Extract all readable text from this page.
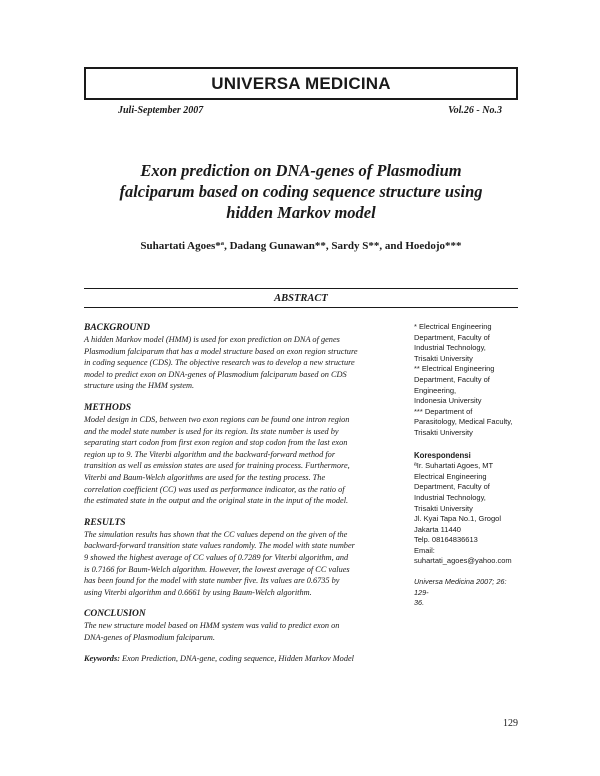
UNIVERSA MEDICINA
Juli-September 2007	Vol.26 - No.3
Exon prediction on DNA-genes of Plasmodium
falciparum based on coding sequence structure using
hidden Markov model
Suhartati Agoes*ª, Dadang Gunawan**, Sardy S**, and Hoedojo***
ABSTRACT
BACKGROUND
A hidden Markov model (HMM) is used for exon prediction on DNA of genes
Plasmodium falciparum that has a model structure based on exon region structure
in coding sequence (CDS). The objective research was to develop a new structure
model to predict exon on DNA-genes of Plasmodium falciparum based on CDS
structure using the HMM system.
METHODS
Model design in CDS, between two exon regions can be found one intron region
and the model state number is used for its region. Its state number is used by
separating start codon from first exon region and stop codon from the last exon
region up to 9. The Viterbi algorithm and the backward-forward method for
transition as well as emission states are used for training process. Furthermore,
Viterbi and Baum-Welch algorithms are used for the testing process. The
correlation coefficient (CC) was used as performance indicator, as the ratio of
the estimated state in the output and the original state in the input of the model.
RESULTS
The simulation results has shown that the CC values depend on the given of the
backward-forward transition state values randomly. The model with state number
9 showed the highest average of CC values of 0.7289 for Viterbi algorithm, and
is 0.7166 for Baum-Welch algorithm. However, the lowest average of CC values
has been found for the model with state number five. Its values are 0.6735 by
using Viterbi algorithm and 0.6661 by using Baum-Welch algorithm.
CONCLUSION
The new structure model based on HMM system was valid to predict exon on
DNA-genes of Plasmodium falciparum.
Keywords: Exon Prediction, DNA-gene, coding sequence, Hidden Markov Model
* Electrical Engineering
Department, Faculty of
Industrial Technology,
Trisakti University
** Electrical Engineering
Department, Faculty of
Engineering,
Indonesia University
*** Department of
Parasitology, Medical Faculty,
Trisakti University
Korespondensi
ªIr. Suhartati Agoes, MT
Electrical Engineering
Department, Faculty of
Industrial Technology,
Trisakti University
Jl. Kyai Tapa No.1, Grogol
Jakarta 11440
Telp. 08164836613
Email:
suhartati_agoes@yahoo.com
Universa Medicina 2007; 26: 129-
36.
129
